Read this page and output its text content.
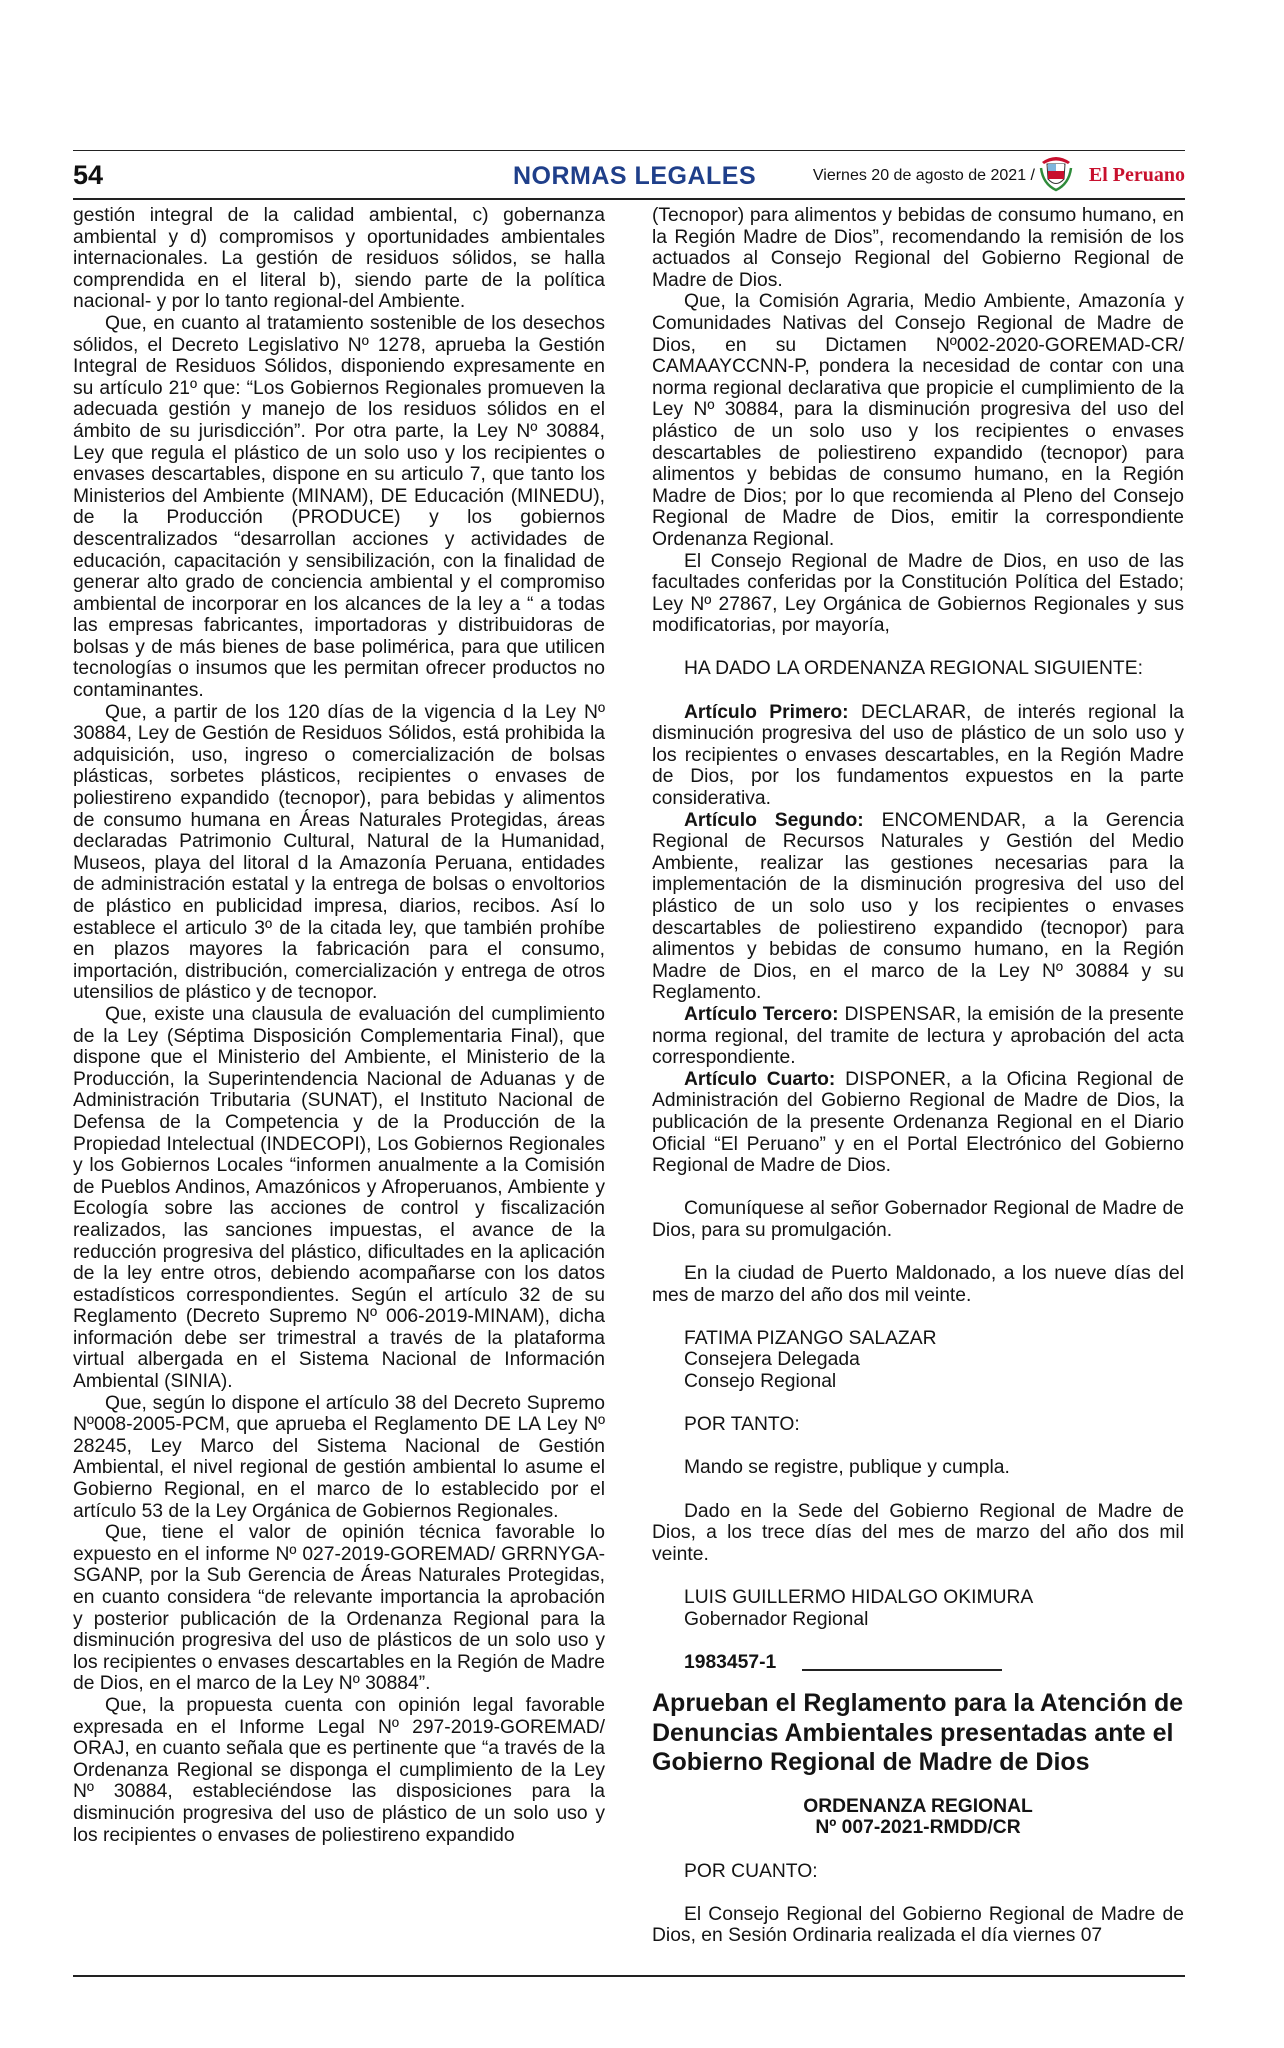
54	NORMAS LEGALES	Viernes 20 de agosto de 2021 /	El Peruano

gestión integral de la calidad ambiental, c) gobernanza ambiental y d) compromisos y oportunidades ambientales internacionales. La gestión de residuos sólidos, se halla comprendida en el literal b), siendo parte de la política nacional- y por lo tanto regional-del Ambiente.

Que, en cuanto al tratamiento sostenible de los desechos sólidos, el Decreto Legislativo Nº 1278, aprueba la Gestión Integral de Residuos Sólidos, disponiendo expresamente en su artículo 21º que: “Los Gobiernos Regionales promueven la adecuada gestión y manejo de los residuos sólidos en el ámbito de su jurisdicción”. Por otra parte, la Ley Nº 30884, Ley que regula el plástico de un solo uso y los recipientes o envases descartables, dispone en su articulo 7, que tanto los Ministerios del Ambiente (MINAM), DE Educación (MINEDU), de la Producción (PRODUCE) y los gobiernos descentralizados “desarrollan acciones y actividades de educación, capacitación y sensibilización, con la finalidad de generar alto grado de conciencia ambiental y el compromiso ambiental de incorporar en los alcances de la ley a “ a todas las empresas fabricantes, importadoras y distribuidoras de bolsas y de más bienes de base polimérica, para que utilicen tecnologías o insumos que les permitan ofrecer productos no contaminantes.

Que, a partir de los 120 días de la vigencia d la Ley Nº 30884, Ley de Gestión de Residuos Sólidos, está prohibida la adquisición, uso, ingreso o comercialización de bolsas plásticas, sorbetes plásticos, recipientes o envases de poliestireno expandido (tecnopor), para bebidas y alimentos de consumo humana en Áreas Naturales Protegidas, áreas declaradas Patrimonio Cultural, Natural de la Humanidad, Museos, playa del litoral d la Amazonía Peruana, entidades de administración estatal y la entrega de bolsas o envoltorios de plástico en publicidad impresa, diarios, recibos. Así lo establece el articulo 3º de la citada ley, que también prohíbe en plazos mayores la fabricación para el consumo, importación, distribución, comercialización y entrega de otros utensilios de plástico y de tecnopor.

Que, existe una clausula de evaluación del cumplimiento de la Ley (Séptima Disposición Complementaria Final), que dispone que el Ministerio del Ambiente, el Ministerio de la Producción, la Superintendencia Nacional de Aduanas y de Administración Tributaria (SUNAT), el Instituto Nacional de Defensa de la Competencia y de la Producción de la Propiedad Intelectual (INDECOPI), Los Gobiernos Regionales y los Gobiernos Locales “informen anualmente a la Comisión de Pueblos Andinos, Amazónicos y Afroperuanos, Ambiente y Ecología sobre las acciones de control y fiscalización realizados, las sanciones impuestas, el avance de la reducción progresiva del plástico, dificultades en la aplicación de la ley entre otros, debiendo acompañarse con los datos estadísticos correspondientes. Según el artículo 32 de su Reglamento (Decreto Supremo Nº 006-2019-MINAM), dicha información debe ser trimestral a través de la plataforma virtual albergada en el Sistema Nacional de Información Ambiental (SINIA).

Que, según lo dispone el artículo 38 del Decreto Supremo Nº008-2005-PCM, que aprueba el Reglamento DE LA Ley Nº 28245, Ley Marco del Sistema Nacional de Gestión Ambiental, el nivel regional de gestión ambiental lo asume el Gobierno Regional, en el marco de lo establecido por el artículo 53 de la Ley Orgánica de Gobiernos Regionales.

Que, tiene el valor de opinión técnica favorable lo expuesto en el informe Nº 027-2019-GOREMAD/ GRRNYGA-SGANP, por la Sub Gerencia de Áreas Naturales Protegidas, en cuanto considera “de relevante importancia la aprobación y posterior publicación de la Ordenanza Regional para la disminución progresiva del uso de plásticos de un solo uso y los recipientes o envases descartables en la Región de Madre de Dios, en el marco de la Ley Nº 30884”.

Que, la propuesta cuenta con opinión legal favorable expresada en el Informe Legal Nº 297-2019-GOREMAD/ ORAJ, en cuanto señala que es pertinente que “a través de la Ordenanza Regional se disponga el cumplimiento de la Ley Nº 30884, estableciéndose las disposiciones para la disminución progresiva del uso de plástico de un solo uso y los recipientes o envases de poliestireno expandido

(Tecnopor) para alimentos y bebidas de consumo humano, en la Región Madre de Dios”, recomendando la remisión de los actuados al Consejo Regional del Gobierno Regional de Madre de Dios.

Que, la Comisión Agraria, Medio Ambiente, Amazonía y Comunidades Nativas del Consejo Regional de Madre de Dios, en su Dictamen Nº002-2020-GOREMAD-CR/ CAMAAYCCNN-P, pondera la necesidad de contar con una norma regional declarativa que propicie el cumplimiento de la Ley Nº 30884, para la disminución progresiva del uso del plástico de un solo uso y los recipientes o envases descartables de poliestireno expandido (tecnopor) para alimentos y bebidas de consumo humano, en la Región Madre de Dios; por lo que recomienda al Pleno del Consejo Regional de Madre de Dios, emitir la correspondiente Ordenanza Regional.

El Consejo Regional de Madre de Dios, en uso de las facultades conferidas por la Constitución Política del Estado; Ley Nº 27867, Ley Orgánica de Gobiernos Regionales y sus modificatorias, por mayoría,

HA DADO LA ORDENANZA REGIONAL SIGUIENTE:

Artículo Primero: DECLARAR, de interés regional la disminución progresiva del uso de plástico de un solo uso y los recipientes o envases descartables, en la Región Madre de Dios, por los fundamentos expuestos en la parte considerativa.

Artículo Segundo: ENCOMENDAR, a la Gerencia Regional de Recursos Naturales y Gestión del Medio Ambiente, realizar las gestiones necesarias para la implementación de la disminución progresiva del uso del plástico de un solo uso y los recipientes o envases descartables de poliestireno expandido (tecnopor) para alimentos y bebidas de consumo humano, en la Región Madre de Dios, en el marco de la Ley Nº 30884 y su Reglamento.

Artículo Tercero: DISPENSAR, la emisión de la presente norma regional, del tramite de lectura y aprobación del acta correspondiente.

Artículo Cuarto: DISPONER, a la Oficina Regional de Administración del Gobierno Regional de Madre de Dios, la publicación de la presente Ordenanza Regional en el Diario Oficial “El Peruano” y en el Portal Electrónico del Gobierno Regional de Madre de Dios.

Comuníquese al señor Gobernador Regional de Madre de Dios, para su promulgación.

En la ciudad de Puerto Maldonado, a los nueve días del mes de marzo del año dos mil veinte.

FATIMA PIZANGO SALAZAR

Consejera Delegada

Consejo Regional

POR TANTO:

Mando se registre, publique y cumpla.

Dado en la Sede del Gobierno Regional de Madre de Dios, a los trece días del mes de marzo del año dos mil veinte.

LUIS GUILLERMO HIDALGO OKIMURA

Gobernador Regional

1983457-1

Aprueban el Reglamento para la Atención de Denuncias Ambientales presentadas ante el Gobierno Regional de Madre de Dios

ORDENANZA REGIONAL

Nº 007-2021-RMDD/CR

POR CUANTO:

El Consejo Regional del Gobierno Regional de Madre de Dios, en Sesión Ordinaria realizada el día viernes 07
